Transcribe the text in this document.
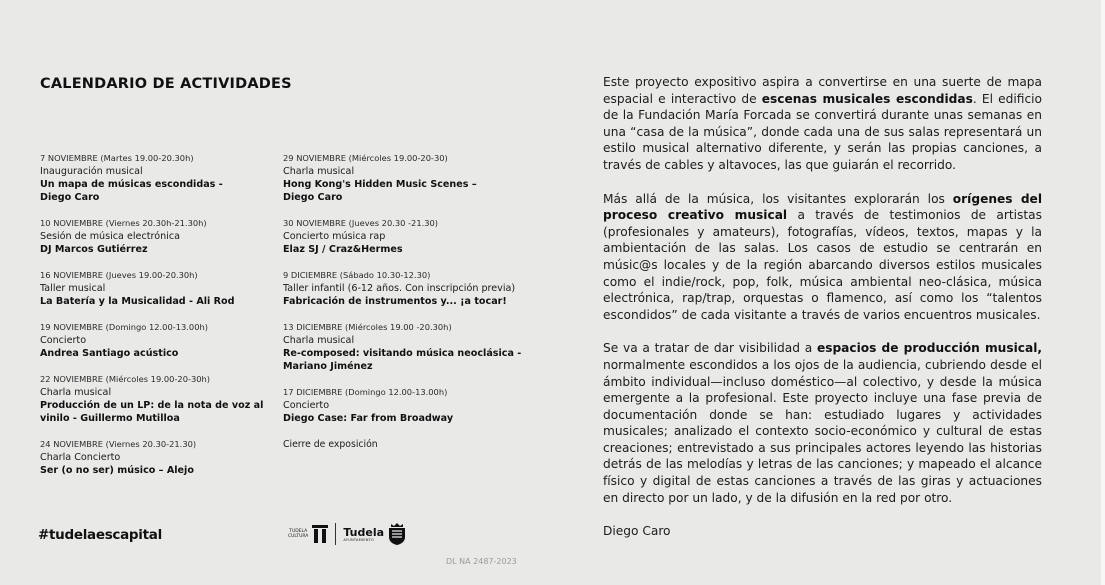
CALENDARIO DE ACTIVIDADES
7 NOVIEMBRE (Martes 19.00-20.30h)
Inauguración musical
Un mapa de músicas escondidas -
Diego Caro
10 NOVIEMBRE (Viernes 20.30h-21.30h)
Sesión de música electrónica
DJ Marcos Gutiérrez
16 NOVIEMBRE (Jueves 19.00-20.30h)
Taller musical
La Batería y la Musicalidad - Ali Rod
19 NOVIEMBRE (Domingo 12.00-13.00h)
Concierto
Andrea Santiago acústico
22 NOVIEMBRE (Miércoles 19.00-20-30h)
Charla musical
Producción de un LP: de la nota de voz al
vinilo - Guillermo Mutilloa
24 NOVIEMBRE (Viernes 20.30-21.30)
Charla Concierto
Ser (o no ser) músico – Alejo
29 NOVIEMBRE (Miércoles 19.00-20-30)
Charla musical
Hong Kong's Hidden Music Scenes –
Diego Caro
30 NOVIEMBRE (Jueves 20.30 -21.30)
Concierto música rap
Elaz SJ / Craz&Hermes
9 DICIEMBRE (Sábado 10.30-12.30)
Taller infantil (6-12 años. Con inscripción previa)
Fabricación de instrumentos y... ¡a tocar!
13 DICIEMBRE (Miércoles 19.00 -20.30h)
Charla musical
Re-composed: visitando música neoclásica -
Mariano Jiménez
17 DICIEMBRE (Domingo 12.00-13.00h)
Concierto
Diego Case: Far from Broadway
Cierre de exposición

Este proyecto expositivo aspira a convertirse en una suerte de mapa espacial e interactivo de escenas musicales escondidas. El edificio de la Fundación María Forcada se convertirá durante unas semanas en una “casa de la música”, donde cada una de sus salas representará un estilo musical alternativo diferente, y serán las propias canciones, a través de cables y altavoces, las que guiarán el recorrido.

Más allá de la música, los visitantes explorarán los orígenes del proceso creativo musical a través de testimonios de artistas (profesionales y amateurs), fotografías, vídeos, textos, mapas y la ambientación de las salas. Los casos de estudio se centrarán en músic@s locales y de la región abarcando diversos estilos musicales como el indie/rock, pop, folk, música ambiental neo-clásica, música electrónica, rap/trap, orquestas o flamenco, así como los “talentos escondidos” de cada visitante a través de varios encuentros musicales.

Se va a tratar de dar visibilidad a espacios de producción musical, normalmente escondidos a los ojos de la audiencia, cubriendo desde el ámbito individual—incluso doméstico—al colectivo, y desde la música emergente a la profesional. Este proyecto incluye una fase previa de documentación donde se han: estudiado lugares y actividades musicales; analizado el contexto socio-económico y cultural de estas creaciones; entrevistado a sus principales actores leyendo las historias detrás de las melodías y letras de las canciones; y mapeado el alcance físico y digital de estas canciones a través de las giras y actuaciones en directo por un lado, y de la difusión en la red por otro.

Diego Caro

#tudelaescapital	TUDELA
CULTURA	Tudela
AYUNTAMIENTO
DL NA 2487-2023
